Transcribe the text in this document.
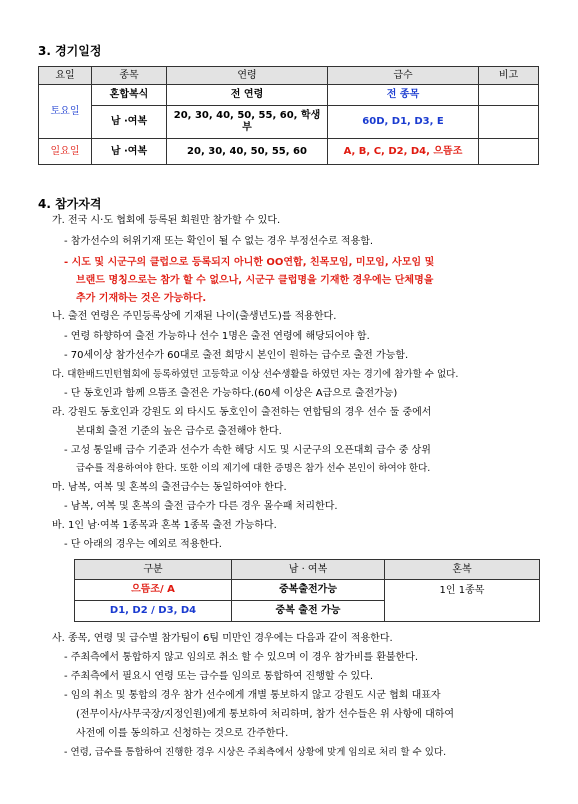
3. 경기일정
요일	종목	연령	급수	비고
토요일	혼합복식	전 연령	전 종목	
	남 ·여복	20, 30, 40, 50, 55, 60, 학생부	60D, D1, D3, E	
일요일	남 ·여복	20, 30, 40, 50, 55, 60	A, B, C, D2, D4, 으뜸조	
4. 참가자격
가. 전국 시·도 협회에 등록된 회원만 참가할 수 있다.
- 참가선수의 허위기재 또는 확인이 될 수 없는 경우 부정선수로 적용함.
- 시도 및 시군구의 클럽으로 등록되지 아니한 OO연합, 친목모임, 미모임, 사모임 및
브랜드 명칭으로는 참가 할 수 없으나, 시군구 클럽명을 기재한 경우에는 단체명을
추가 기재하는 것은 가능하다.
나. 출전 연령은 주민등록상에 기재된 나이(출생년도)를 적용한다.
- 연령 하향하여 출전 가능하나 선수 1명은 출전 연령에 해당되어야 함.
- 70세이상 참가선수가 60대로 출전 희망시 본인이 원하는 급수로 출전 가능함.
다. 대한배드민턴협회에 등록하였던 고등학교 이상 선수생활을 하였던 자는 경기에 참가할 수 없다.
- 단 동호인과 함께 으뜸조 출전은 가능하다.(60세 이상은 A급으로 출전가능)
라. 강원도 동호인과 강원도 외 타시도 동호인이 출전하는 연합팀의 경우 선수 둘 중에서
본대회 출전 기준의 높은 급수로 출전해야 한다.
- 고성 통일배 급수 기준과 선수가 속한 해당 시도 및 시군구의 오픈대회 급수 중 상위
급수를 적용하여야 한다. 또한 이의 제기에 대한 증명은 참가 선수 본인이 하여야 한다.
마. 남복, 여복 및 혼복의 출전급수는 동일하여야 한다.
- 남복, 여복 및 혼복의 출전 급수가 다른 경우 몰수패 처리한다.
바. 1인 남·여복 1종목과 혼복 1종목 출전 가능하다.
- 단 아래의 경우는 예외로 적용한다.
구분	남 · 여복	혼복
으뜸조/ A	중복출전가능	1인 1종목
D1, D2 / D3, D4	중복 출전 가능	
사. 종목, 연령 및 급수별 참가팀이 6팀 미만인 경우에는 다음과 같이 적용한다.
- 주최측에서 통합하지 않고 임의로 취소 할 수 있으며 이 경우 참가비를 환불한다.
- 주최측에서 필요시 연령 또는 급수를 임의로 통합하여 진행할 수 있다.
- 임의 취소 및 통합의 경우 참가 선수에게 개별 통보하지 않고 강원도 시군 협회 대표자
(전무이사/사무국장/지정인원)에게 통보하여 처리하며, 참가 선수들은 위 사항에 대하여
사전에 이를 동의하고 신청하는 것으로 간주한다.
- 연령, 급수를 통합하여 진행한 경우 시상은 주최측에서 상황에 맞게 임의로 처리 할 수 있다.
